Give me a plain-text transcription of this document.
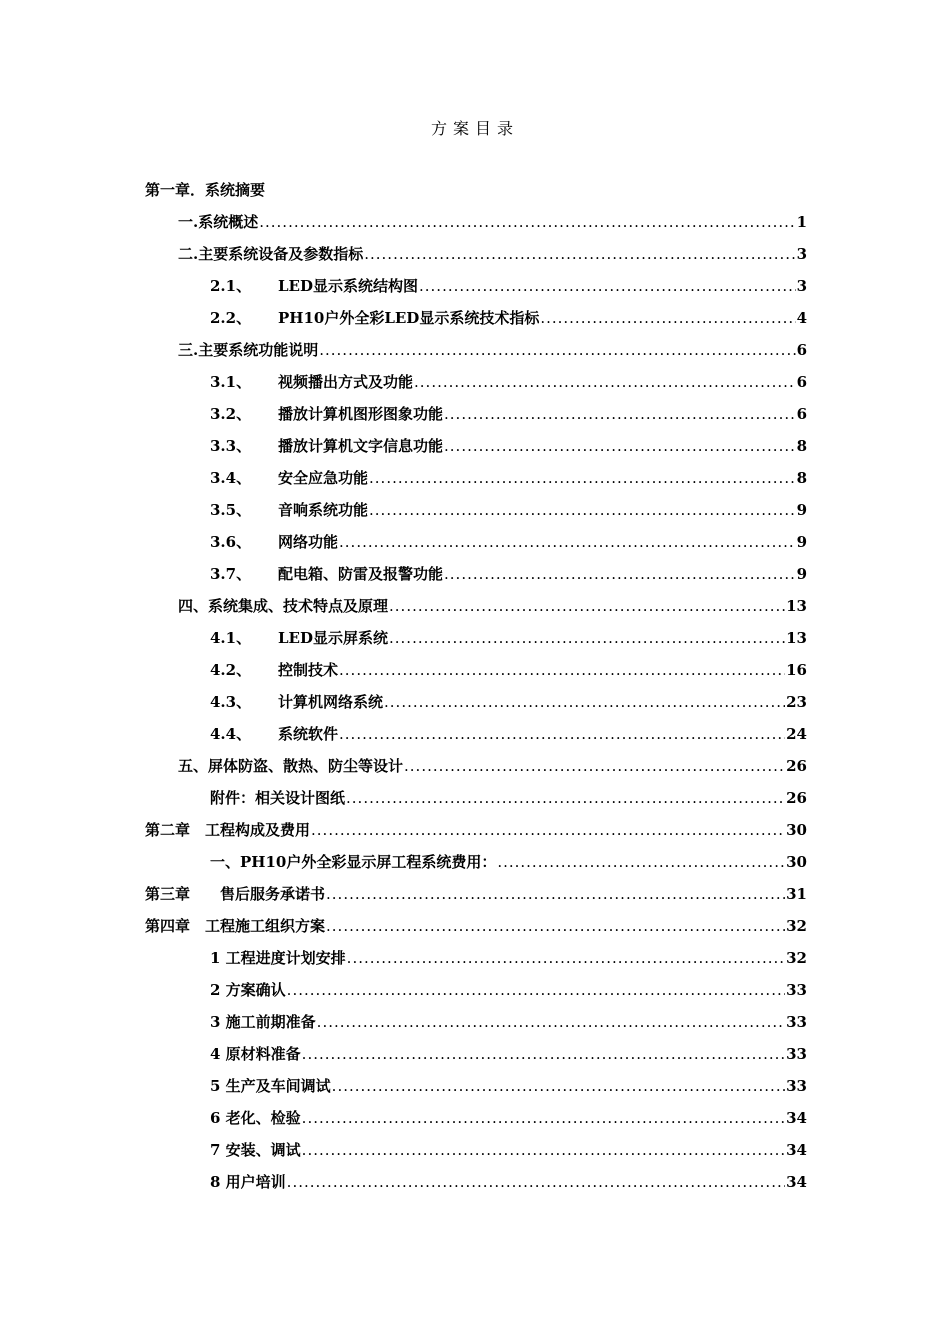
方案目录
第一章．系统摘要
一.系统概述 .....	1
二.主要系统设备及参数指标 .....	3
2.1、	LED显示系统结构图 .....	3
2.2、	PH10户外全彩LED显示系统技术指标 .....	4
三.主要系统功能说明 .....	6
3.1、	视频播出方式及功能 .....	6
3.2、	播放计算机图形图象功能 .....	6
3.3、	播放计算机文字信息功能 .....	8
3.4、	安全应急功能 .....	8
3.5、	音响系统功能 .....	9
3.6、	网络功能 .....	9
3.7、	配电箱、防雷及报警功能 .....	9
四、系统集成、技术特点及原理 .....	13
4.1、	LED显示屏系统 .....	13
4.2、	控制技术 .....	16
4.3、	计算机网络系统 .....	23
4.4、	系统软件 .....	24
五、屏体防盗、散热、防尘等设计 .....	26
附件：相关设计图纸 .....	26
第二章　工程构成及费用 .....	30
一、PH10户外全彩显示屏工程系统费用： .....	30
第三章　　售后服务承诺书 .....	31
第四章　工程施工组织方案 .....	32
1 工程进度计划安排 .....	32
2 方案确认 .....	33
3 施工前期准备 .....	33
4 原材料准备 .....	33
5 生产及车间调试 .....	33
6 老化、检验 .....	34
7 安装、调试 .....	34
8 用户培训 .....	34
